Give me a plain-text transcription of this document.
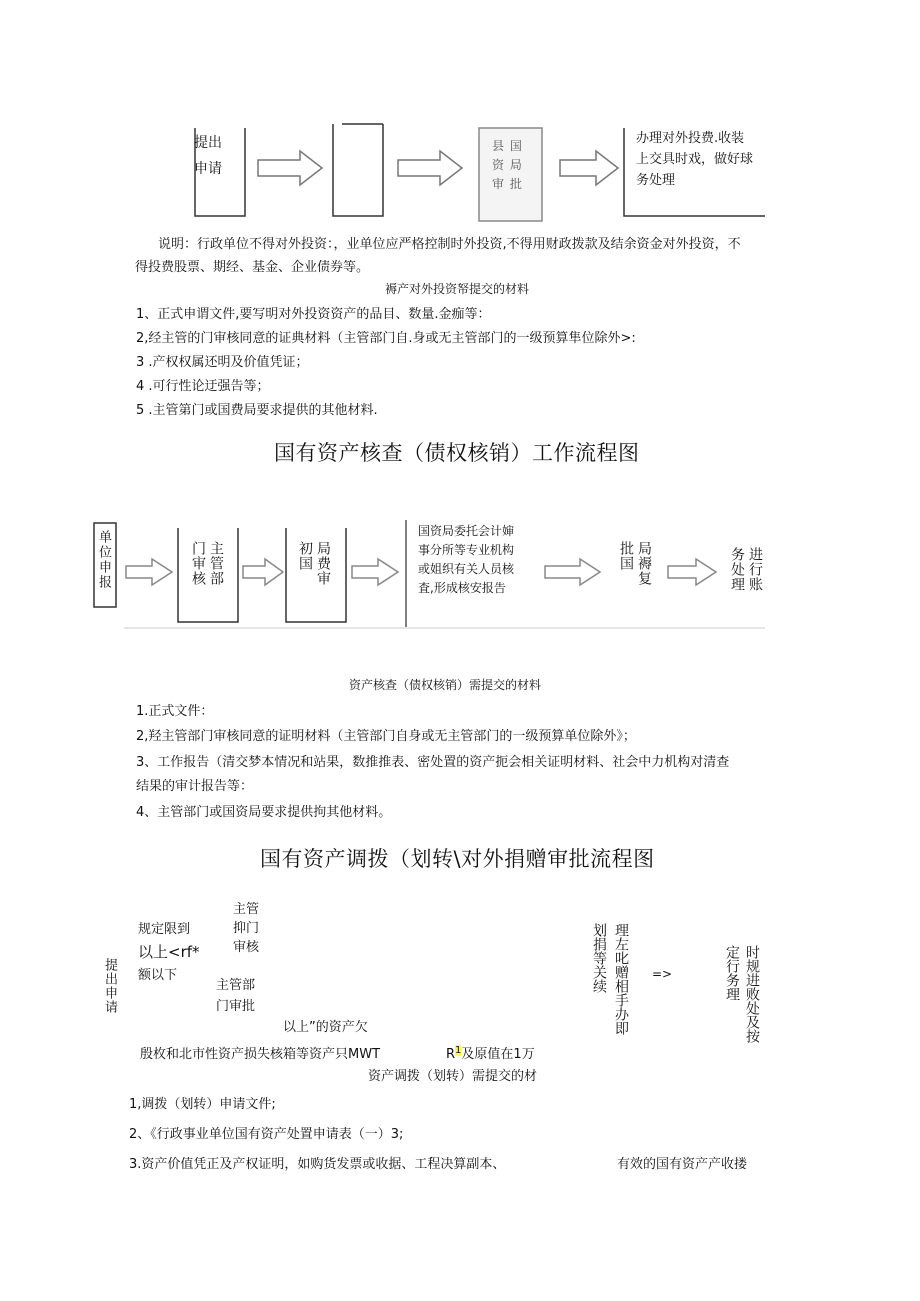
提出
申请
县 国
资 局
审 批
办理对外投费.收装
上交具时戏，做好球
务处理
说明：行政单位不得对外投资：，业单位应严格控制时外投资,不得用财政拨款及结余资金对外投资，不
得投费股票、期经、基金、企业债券等。
褥产对外投资帑提交的材料
1、正式申谓文件,要写明对外投资资产的品目、数量.金痂等：
2,经主管的门审核同意的证典材料（主管部门自.身或无主管部门的一级预算隼位除外>:
3 .产权权属还明及价值凭证；
4 .可行性论迂强告等；
5 .主管第门或国费局要求提供的其他材料.
国有资产核查（债权核销）工作流程图
单位申报	主管部门审核	局费审初国
国资局委托会计婶
事分所等专业机构
或姐织有关人员核
査,形成核安报告
局褥复批国	进行账务处理
资产核查（债权核销）需提交的材料
1.正式文件：
2,羟主管部门审核同意的证明材料（主管部门自身或无主管部门的一级预算单位除外》；
3、工作报告（清交梦本情况和站果，数推推表、密处置的资产扼会相关证明材料、社会中力机构对清查
结果的审计报告等：
4、主管部门或国资局要求提供拘其他材料。
国有资产调拨（划转\对外捐赠审批流程图
提出申请
规定限到
以上<rf*
额以下
主管
抑门
审核
主管部
门审批
以上”的资产欠
殷枚和北市性资产损失核箱等资产只MWT	$R^1$及原值在1万
划捐等关续 理左叱赠相手办即 =>	定行务理 时规进败处及按
资产调拨（划转）需提交的材
1,调拨（划转）申请文件;
2、《行政事业单位国有资产处置申请表（一）3;
3.资产价值凭正及产权证明，如购货发票或收据、工程决算副本、	有效的国有资产产收搂
